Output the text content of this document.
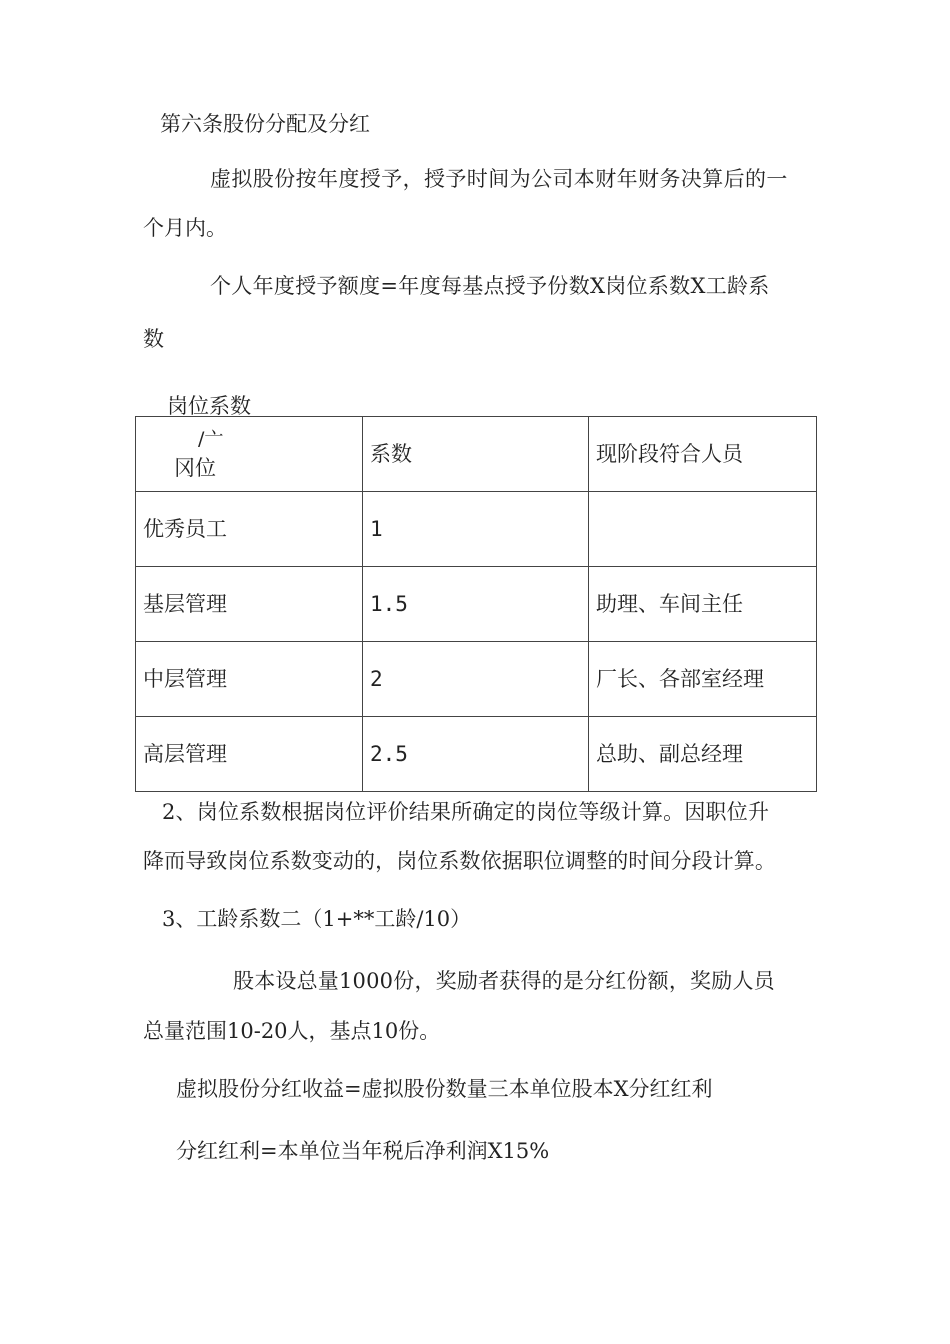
第六条股份分配及分红

虚拟股份按年度授予，授予时间为公司本财年财务决算后的一

个月内。

个人年度授予额度=年度每基点授予份数X岗位系数X工龄系

数

岗位系数
/亠
冈位	系数	现阶段符合人员
优秀员工	1	
基层管理	1.5	助理、车间主任
中层管理	2	厂长、各部室经理
高层管理	2.5	总助、副总经理

2、岗位系数根据岗位评价结果所确定的岗位等级计算。因职位升

降而导致岗位系数变动的，岗位系数依据职位调整的时间分段计算。

3、工龄系数二（1+**工龄/10）

股本设总量1000份，奖励者获得的是分红份额，奖励人员

总量范围10-20人，基点10份。

虚拟股份分红收益=虚拟股份数量三本单位股本X分红红利

分红红利=本单位当年税后净利润X15%
